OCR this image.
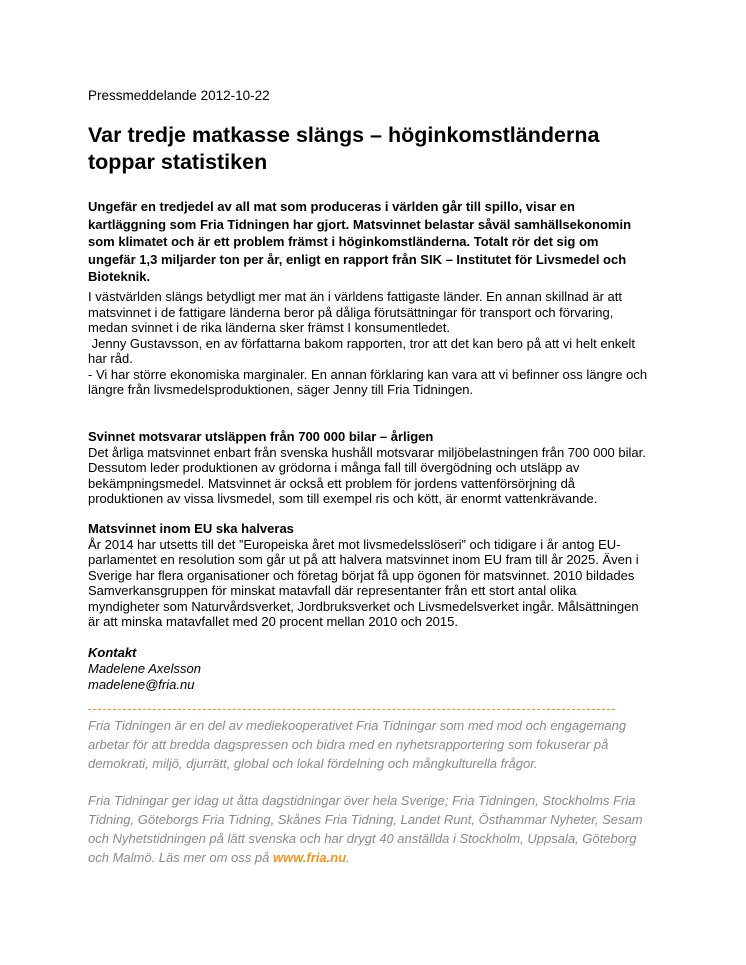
Pressmeddelande 2012-10-22
Var tredje matkasse slängs – höginkomstländerna toppar statistiken

Ungefär en tredjedel av all mat som produceras i världen går till spillo, visar en kartläggning som Fria Tidningen har gjort. Matsvinnet belastar såväl samhällsekonomin som klimatet och är ett problem främst i höginkomstländerna. Totalt rör det sig om ungefär 1,3 miljarder ton per år, enligt en rapport från SIK – Institutet för Livsmedel och Bioteknik.

I västvärlden slängs betydligt mer mat än i världens fattigaste länder. En annan skillnad är att matsvinnet i de fattigare länderna beror på dåliga förutsättningar för transport och förvaring, medan svinnet i de rika länderna sker främst I konsumentledet.

Jenny Gustavsson, en av författarna bakom rapporten, tror att det kan bero på att vi helt enkelt har råd.

- Vi har större ekonomiska marginaler. En annan förklaring kan vara att vi befinner oss längre och längre från livsmedelsproduktionen, säger Jenny till Fria Tidningen.

Svinnet motsvarar utsläppen från 700 000 bilar – årligen

Det årliga matsvinnet enbart från svenska hushåll motsvarar miljöbelastningen från 700 000 bilar. Dessutom leder produktionen av grödorna i många fall till övergödning och utsläpp av bekämpningsmedel. Matsvinnet är också ett problem för jordens vattenförsörjning då produktionen av vissa livsmedel, som till exempel ris och kött, är enormt vattenkrävande.

Matsvinnet inom EU ska halveras

År 2014 har utsetts till det ”Europeiska året mot livsmedelsslöseri” och tidigare i år antog EU-parlamentet en resolution som går ut på att halvera matsvinnet inom EU fram till år 2025. Även i Sverige har flera organisationer och företag börjat få upp ögonen för matsvinnet. 2010 bildades Samverkansgruppen för minskat matavfall där representanter från ett stort antal olika myndigheter som Naturvårdsverket, Jordbruksverket och Livsmedelsverket ingår. Målsättningen är att minska matavfallet med 20 procent mellan 2010 och 2015.

Kontakt
Madelene Axelsson
madelene@fria.nu

Fria Tidningen är en del av mediekooperativet Fria Tidningar som med mod och engagemang arbetar för att bredda dagspressen och bidra med en nyhetsrapportering som fokuserar på demokrati, miljö, djurrätt, global och lokal fördelning och mångkulturella frågor.

Fria Tidningar ger idag ut åtta dagstidningar över hela Sverige; Fria Tidningen, Stockholms Fria Tidning, Göteborgs Fria Tidning, Skånes Fria Tidning, Landet Runt, Östhammar Nyheter, Sesam och Nyhetstidningen på lätt svenska och har drygt 40 anställda i Stockholm, Uppsala, Göteborg och Malmö. Läs mer om oss på www.fria.nu.
